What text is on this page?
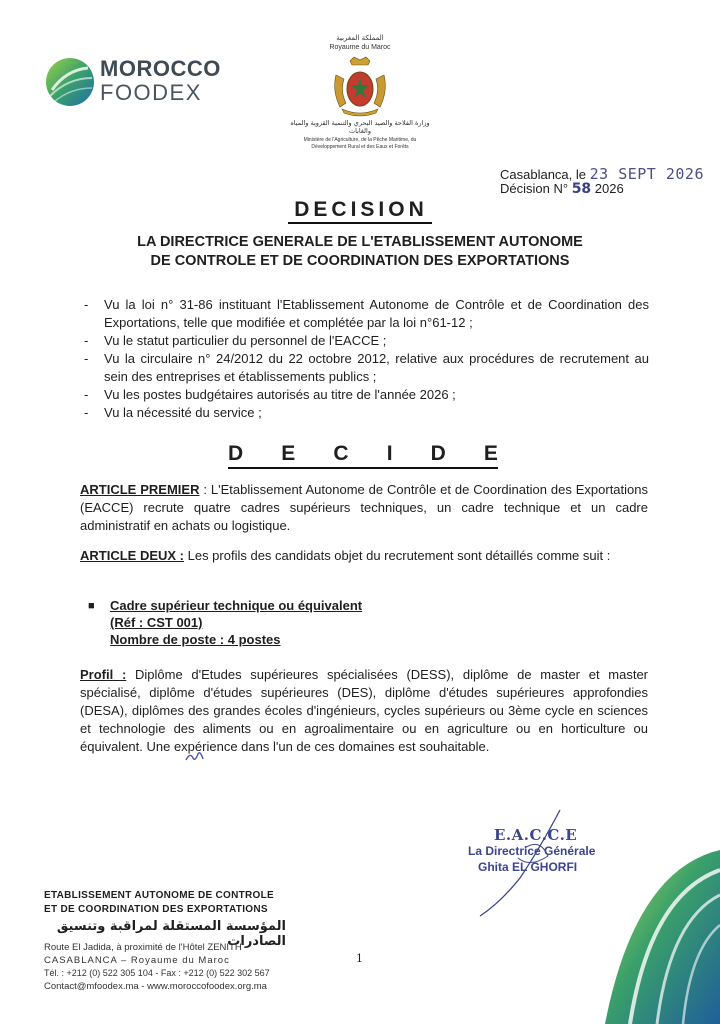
MOROCCO
FOODEX
المملكة المغربية
Royaume du Maroc
وزارة الفلاحة والصيد البحري والتنمية القروية والمياه والغابات
Ministère de l'Agriculture, de la Pêche Maritime, du Développement Rural et des Eaux et Forêts
Casablanca, le 23 SEPT 2026
Décision N° 58 2026
DECISION
LA DIRECTRICE GENERALE DE L'ETABLISSEMENT AUTONOME
DE CONTROLE ET DE COORDINATION DES EXPORTATIONS
- Vu la loi n° 31-86 instituant l'Etablissement Autonome de Contrôle et de Coordination des Exportations, telle que modifiée et complétée par la loi n°61-12 ;
- Vu le statut particulier du personnel de l'EACCE ;
- Vu la circulaire n° 24/2012 du 22 octobre 2012, relative aux procédures de recrutement au sein des entreprises et établissements publics ;
- Vu les postes budgétaires autorisés au titre de l'année 2026 ;
- Vu la nécessité du service ;
D E C I D E
ARTICLE PREMIER : L'Etablissement Autonome de Contrôle et de Coordination des Exportations (EACCE) recrute quatre cadres supérieurs techniques, un cadre technique et un cadre administratif en achats ou logistique.
ARTICLE DEUX : Les profils des candidats objet du recrutement sont détaillés comme suit :
■ Cadre supérieur technique ou équivalent
(Réf : CST 001)
Nombre de poste : 4 postes
Profil : Diplôme d'Etudes supérieures spécialisées (DESS), diplôme de master et master spécialisé, diplôme d'études supérieures (DES), diplôme d'études supérieures approfondies (DESA), diplômes des grandes écoles d'ingénieurs, cycles supérieurs ou 3ème cycle en sciences et technologie des aliments ou en agroalimentaire ou en agriculture ou en horticulture ou équivalent. Une expérience dans l'un de ces domaines est souhaitable.
E.A.C.C.E
La Directrice Générale
Ghita EL GHORFI
ETABLISSEMENT AUTONOME DE CONTROLE
ET DE COORDINATION DES EXPORTATIONS
المؤسسة المستقلة لمراقبة وتنسيق الصادرات
Route El Jadida, à proximité de l'Hôtel ZENITH
CASABLANCA – Royaume du Maroc
Tél. : +212 (0) 522 305 104 - Fax : +212 (0) 522 302 567
Contact@mfoodex.ma - www.moroccofoodex.org.ma
1
